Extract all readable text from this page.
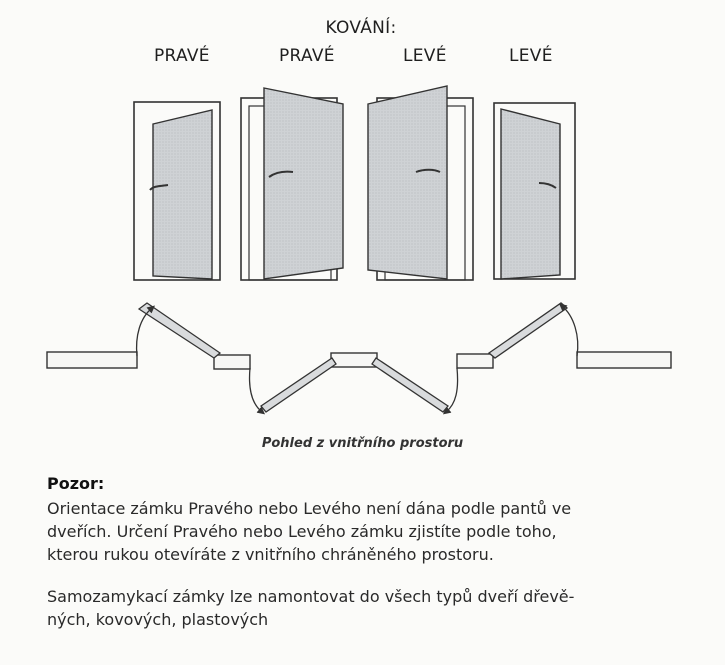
KOVÁNÍ:
PRAVÉ	PRAVÉ	LEVÉ	LEVÉ
Pohled z vnitřního prostoru
Pozor:
Orientace zámku Pravého nebo Levého není dána podle pantů ve
dveřích. Určení Pravého nebo Levého zámku zjistíte podle toho,
kterou rukou otevíráte z vnitřního chráněného prostoru.
Samozamykací zámky lze namontovat do všech typů dveří dřevě-
ných, kovových, plastových
